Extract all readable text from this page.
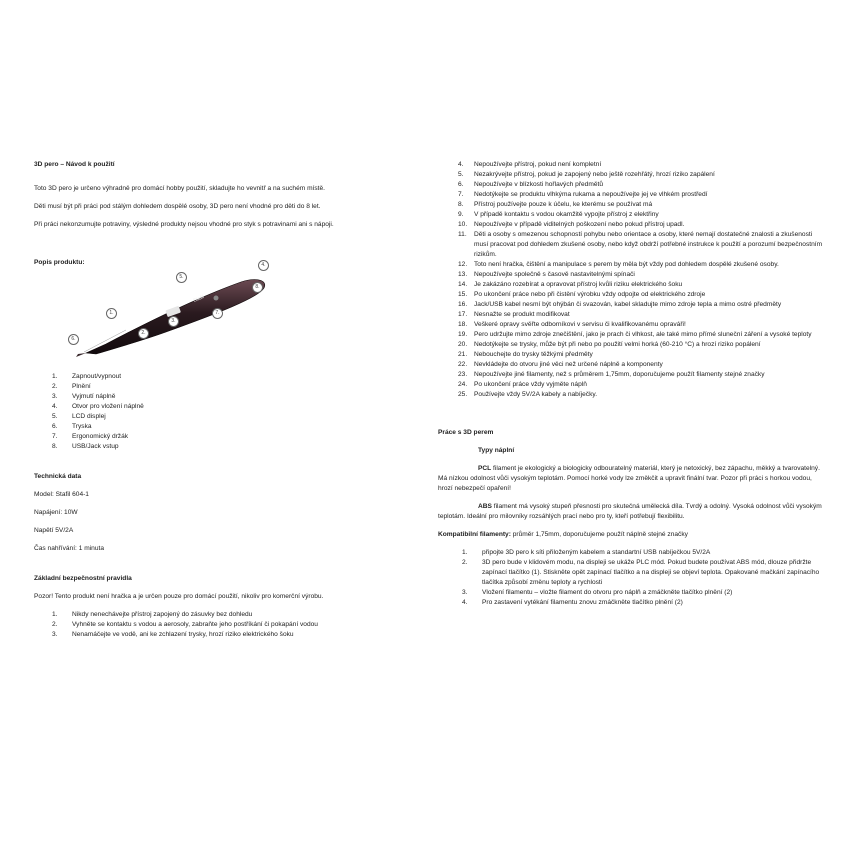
3D pero – Návod k použití

Toto 3D pero je určeno výhradně pro domácí hobby použití, skladujte ho vevnitř a na suchém místě.

Děti musí být při práci pod stálým dohledem dospělé osoby, 3D pero není vhodné pro děti do 8 let.

Při práci nekonzumujte potraviny, výsledné produkty nejsou vhodné pro styk s potravinami ani s nápoji.

Popis produktu:

Stafil
6.
1.
2.
3.
5.
7.
8.
4.
1. Zapnout/vypnout
2. Plnění
3. Vyjmutí náplně
4. Otvor pro vložení náplně
5. LCD displej
6. Tryska
7. Ergonomický držák
8. USB/Jack vstup

Technická data

Model: Stafil 604-1

Napájení: 10W

Napětí 5V/2A

Čas nahřívání: 1 minuta

Základní bezpečnostní pravidla

Pozor! Tento produkt není hračka a je určen pouze pro domácí použití, nikoliv pro komerční výrobu.

1. Nikdy nenechávejte přístroj zapojený do zásuvky bez dohledu
2. Vyhněte se kontaktu s vodou a aerosoly, zabraňte jeho postříkání či pokapání vodou
3. Nenamáčejte ve vodě, ani ke zchlazení trysky, hrozí riziko elektrického šoku
4. Nepoužívejte přístroj, pokud není kompletní
5. Nezakrývejte přístroj, pokud je zapojený nebo ještě rozehřátý, hrozí riziko zapálení
6. Nepoužívejte v blízkosti hořlavých předmětů
7. Nedotýkejte se produktu vlhkýma rukama a nepoužívejte jej ve vlhkém prostředí
8. Přístroj používejte pouze k účelu, ke kterému se používat má
9. V případě kontaktu s vodou okamžitě vypojte přístroj z elektřiny
10. Nepoužívejte v případě viditelných poškození nebo pokud přístroj upadl.
11. Děti a osoby s omezenou schopností pohybu nebo orientace a osoby, které nemají dostatečné znalosti a zkušenosti musí pracovat pod dohledem zkušené osoby, nebo když obdrží potřebné instrukce k použití a porozumí bezpečnostním rizikům.
12. Toto není hračka, čištění a manipulace s perem by měla být vždy pod dohledem dospělé zkušené osoby.
13. Nepoužívejte společně s časově nastavitelnými spínači
14. Je zakázáno rozebírat a opravovat přístroj kvůli riziku elektrického šoku
15. Po ukončení práce nebo při čistění výrobku vždy odpojte od elektrického zdroje
16. Jack/USB kabel nesmí být ohýbán či svazován, kabel skladujte mimo zdroje tepla a mimo ostré předměty
17. Nesnažte se produkt modifikovat
18. Veškeré opravy svěřte odborníkovi v servisu či kvalifikovanému opraváři!
19. Pero udržujte mimo zdroje znečištění, jako je prach či vlhkost, ale také mimo přímé sluneční záření a vysoké teploty
20. Nedotýkejte se trysky, může být při nebo po použití velmi horká (60-210 °C) a hrozí riziko popálení
21. Nebouchejte do trysky těžkými předměty
22. Nevkládejte do otvoru jiné věci než určené náplně a komponenty
23. Nepoužívejte jiné filamenty, než s průměrem 1,75mm, doporučujeme použít filamenty stejné značky
24. Po ukončení práce vždy vyjměte náplň
25. Používejte vždy 5V/2A kabely a nabíječky.

Práce s 3D perem

Typy náplní

PCL filament je ekologický a biologicky odbouratelný materiál, který je netoxický, bez zápachu, měkký a tvarovatelný. Má nízkou odolnost vůči vysokým teplotám. Pomocí horké vody lze změkčit a upravit finální tvar. Pozor při práci s horkou vodou, hrozí nebezpečí opaření!

ABS filament má vysoký stupeň přesnosti pro skutečná umělecká díla. Tvrdý a odolný. Vysoká odolnost vůči vysokým teplotám. Ideální pro milovníky rozsáhlých prací nebo pro ty, kteří potřebují flexibilitu.

Kompatibilní filamenty: průměr 1,75mm, doporučujeme použít náplně stejné značky

1. připojte 3D pero k síti přiloženým kabelem a standartní USB nabíječkou 5V/2A
2. 3D pero bude v klidovém modu, na displeji se ukáže PLC mód. Pokud budete používat ABS mód, dlouze přidržte zapínací tlačítko (1). Stiskněte opět zapínací tlačítko a na displeji se objeví teplota. Opakované mačkání zapínacího tlačítka způsobí změnu teploty a rychlosti
3. Vložení filamentu – vložte filament do otvoru pro náplň a zmáčkněte tlačítko plnění (2)
4. Pro zastavení vytékání filamentu znovu zmáčkněte tlačítko plnění (2)
